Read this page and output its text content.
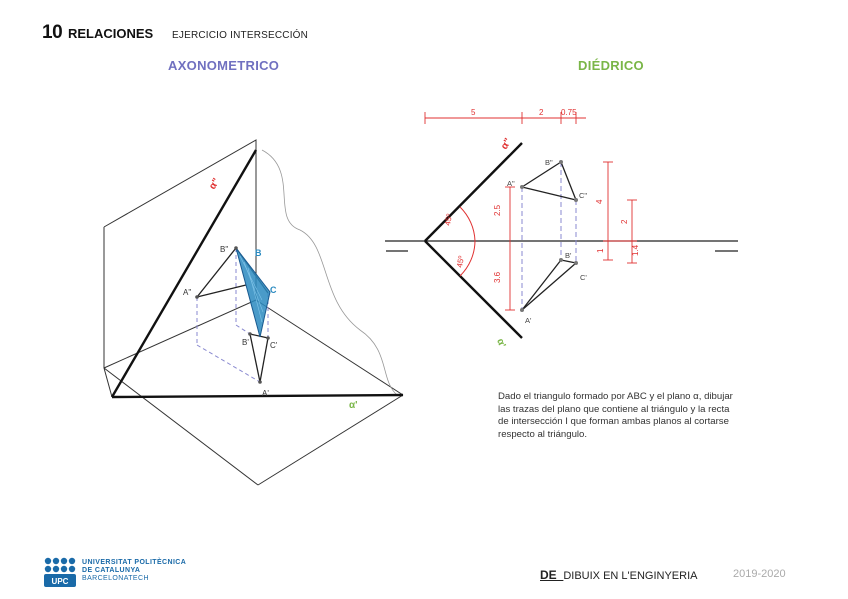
10 RELACIONES EJERCICIO INTERSECCIÓN
AXONOMETRICO	DIÉDRICO
α"
α'
B"	B
A"	C
B'	C'
A'
5	2 0.75
2.5
3.6
4
2
1	1.4
45º
45º
α"
α'
B"
A"
C"
B'
C'
A'
Dado el triangulo formado por ABC y el plano α, dibujar las trazas del plano que contiene al triángulo y la recta de intersección I que forman ambas planos al cortarse respecto al triángulo.
UPC
UNIVERSITAT POLITÈCNICA
DE CATALUNYA
BARCELONATECH	DE_DIBUIX EN L'ENGINYERIA	2019-2020
